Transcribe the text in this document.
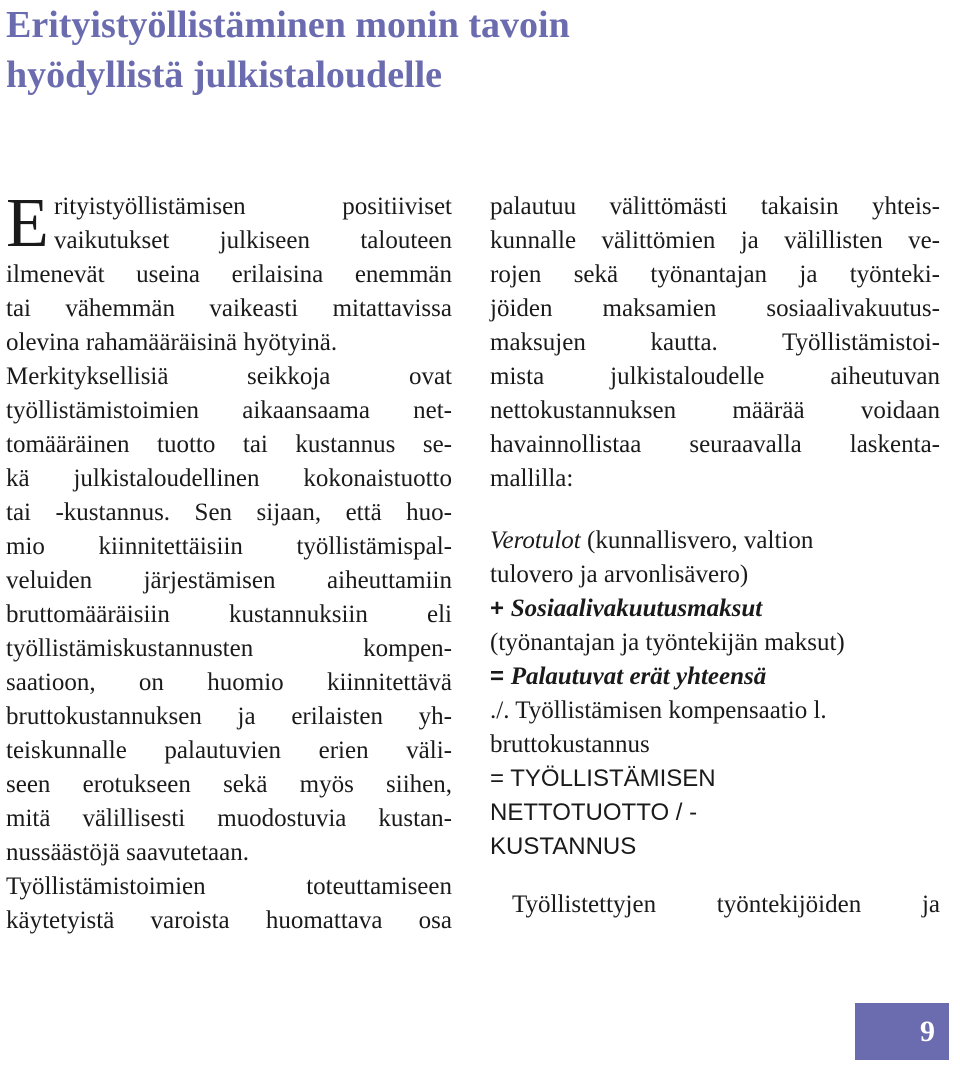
Erityistyöllistäminen monin tavoin
hyödyllistä julkistaloudelle
E rityistyöllistämisen positiiviset
vaikutukset julkiseen talouteen
ilmenevät useina erilaisina enemmän
tai vähemmän vaikeasti mitattavissa
olevina rahamääräisinä hyötyinä.
Merkityksellisiä seikkoja ovat
työllistämistoimien aikaansaama net-
tomääräinen tuotto tai kustannus se-
kä julkistaloudellinen kokonaistuotto
tai -kustannus. Sen sijaan, että huo-
mio kiinnitettäisiin työllistämispal-
veluiden järjestämisen aiheuttamiin
bruttomääräisiin kustannuksiin eli
työllistämiskustannusten kompen-
saatioon, on huomio kiinnitettävä
bruttokustannuksen ja erilaisten yh-
teiskunnalle palautuvien erien väli-
seen erotukseen sekä myös siihen,
mitä välillisesti muodostuvia kustan-
nussäästöjä saavutetaan.
Työllistämistoimien toteuttamiseen
käytetyistä varoista huomattava osa
palautuu välittömästi takaisin yhteis-
kunnalle välittömien ja välillisten ve-
rojen sekä työnantajan ja työnteki-
jöiden maksamien sosiaalivakuutus-
maksujen kautta. Työllistämistoi-
mista julkistaloudelle aiheutuvan
nettokustannuksen määrää voidaan
havainnollistaa seuraavalla laskenta-
mallilla:
Verotulot (kunnallisvero, valtion
tulovero ja arvonlisävero)
+ Sosiaalivakuutusmaksut
(työnantajan ja työntekijän maksut)
= Palautuvat erät yhteensä
./. Työllistämisen kompensaatio l.
bruttokustannus
= TYÖLLISTÄMISEN
NETTOTUOTTO / -
KUSTANNUS
Työllistettyjen työntekijöiden ja
9
